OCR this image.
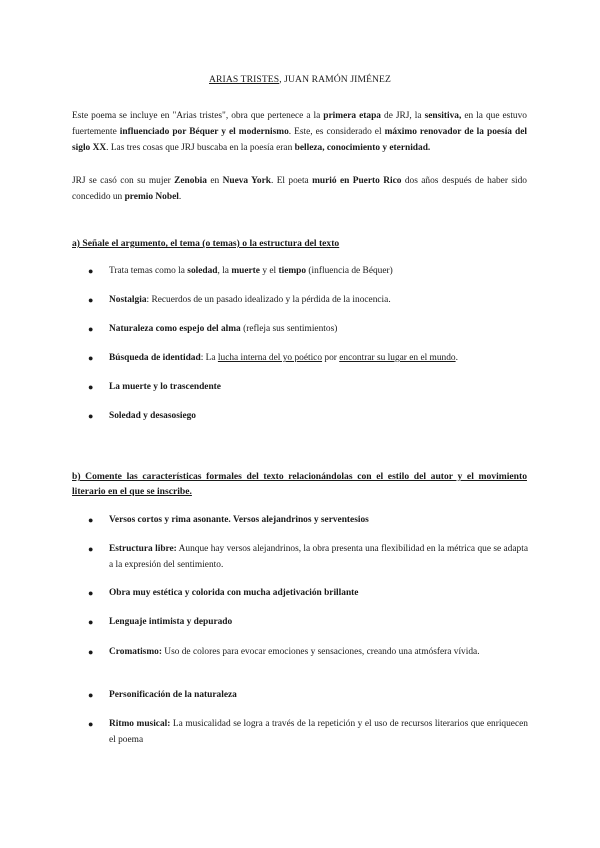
ARIAS TRISTES, JUAN RAMÓN JIMÉNEZ

Este poema se incluye en "Arias tristes", obra que pertenece a la primera etapa de JRJ, la sensitiva, en la que estuvo fuertemente influenciado por Béquer y el modernismo. Este, es considerado el máximo renovador de la poesía del siglo XX. Las tres cosas que JRJ buscaba en la poesía eran belleza, conocimiento y eternidad.

JRJ se casó con su mujer Zenobia en Nueva York. El poeta murió en Puerto Rico dos años después de haber sido concedido un premio Nobel.

a) Señale el argumento, el tema (o temas) o la estructura del texto
● Trata temas como la soledad, la muerte y el tiempo (influencia de Béquer)
● Nostalgia: Recuerdos de un pasado idealizado y la pérdida de la inocencia.
● Naturaleza como espejo del alma (refleja sus sentimientos)
● Búsqueda de identidad: La lucha interna del yo poético por encontrar su lugar en el mundo.
● La muerte y lo trascendente
● Soledad y desasosiego
b) Comente las características formales del texto relacionándolas con el estilo del autor y el movimiento literario en el que se inscribe.
● Versos cortos y rima asonante. Versos alejandrinos y serventesios
● Estructura libre: Aunque hay versos alejandrinos, la obra presenta una flexibilidad en la métrica que se adapta a la expresión del sentimiento.
● Obra muy estética y colorida con mucha adjetivación brillante
● Lenguaje intimista y depurado
● Cromatismo: Uso de colores para evocar emociones y sensaciones, creando una atmósfera vívida.
● Personificación de la naturaleza
● Ritmo musical: La musicalidad se logra a través de la repetición y el uso de recursos literarios que enriquecen el poema
